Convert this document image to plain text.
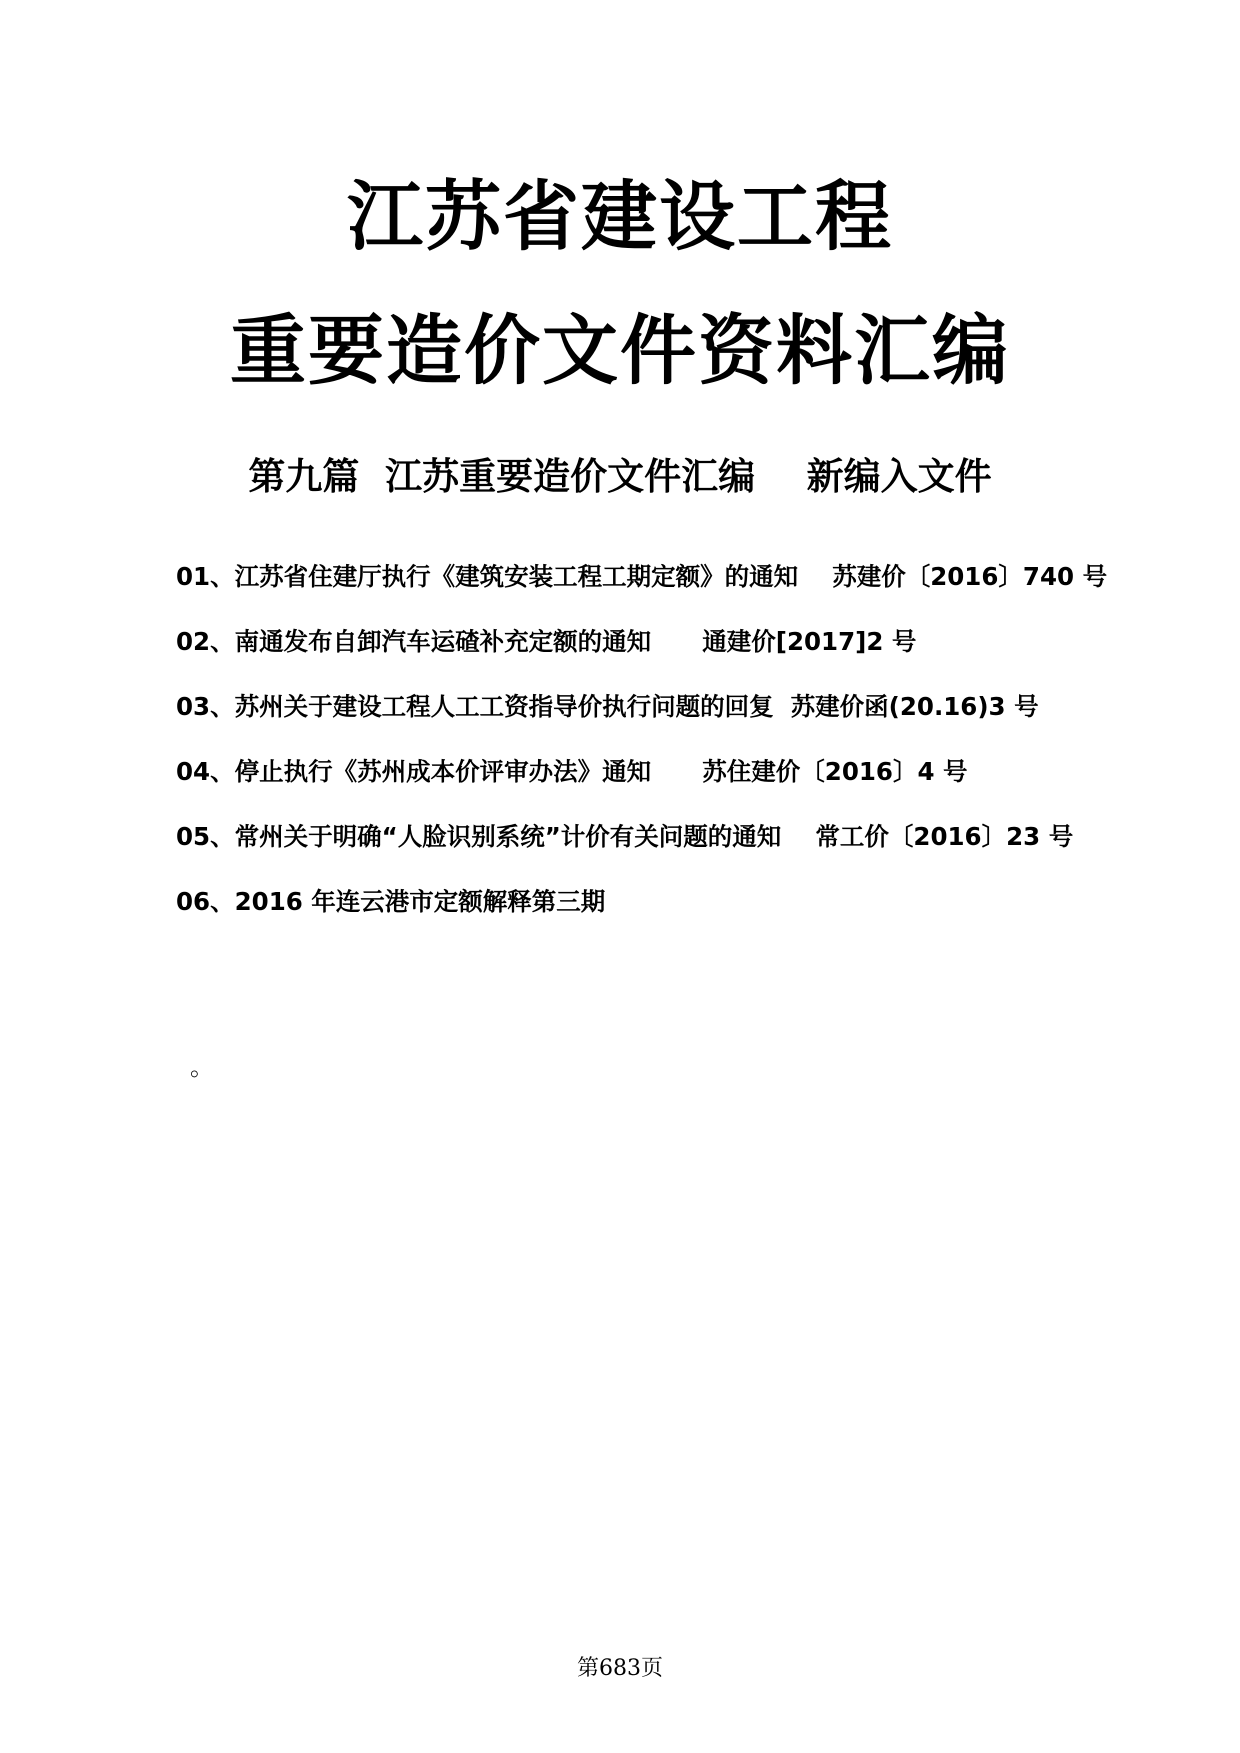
江苏省建设工程
重要造价文件资料汇编
第九篇  江苏重要造价文件汇编    新编入文件
01、江苏省住建厅执行《建筑安装工程工期定额》的通知    苏建价〔2016〕740 号
02、南通发布自卸汽车运碴补充定额的通知      通建价[2017]2 号
03、苏州关于建设工程人工工资指导价执行问题的回复  苏建价函(20.16)3 号
04、停止执行《苏州成本价评审办法》通知      苏住建价〔2016〕4 号
05、常州关于明确“人脸识别系统”计价有关问题的通知    常工价〔2016〕23 号
06、2016 年连云港市定额解释第三期
。
第683页
